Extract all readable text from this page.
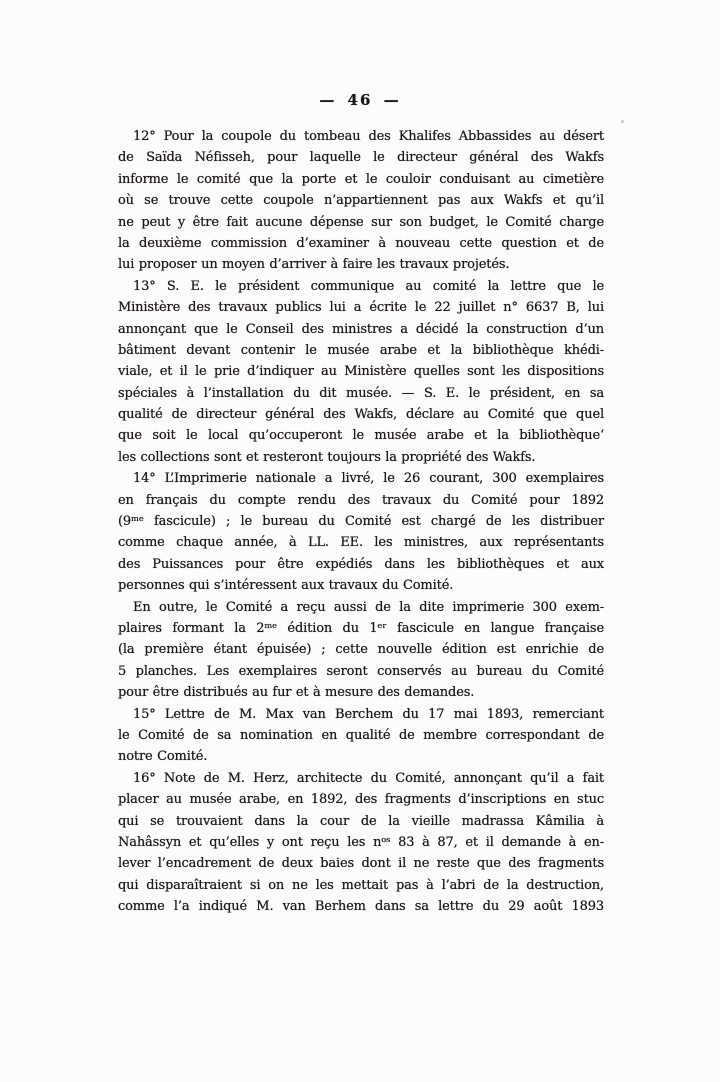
— 46 —
12° Pour la coupole du tombeau des Khalifes Abbassides au désert
de Saïda Néfisseh, pour laquelle le directeur général des Wakfs
informe le comité que la porte et le couloir conduisant au cimetière
où se trouve cette coupole n’appartiennent pas aux Wakfs et qu’il
ne peut y être fait aucune dépense sur son budget, le Comité charge
la deuxième commission d’examiner à nouveau cette question et de
lui proposer un moyen d’arriver à faire les travaux projetés.
13° S. E. le président communique au comité la lettre que le
Ministère des travaux publics lui a écrite le 22 juillet n° 6637 B, lui
annonçant que le Conseil des ministres a décidé la construction d’un
bâtiment devant contenir le musée arabe et la bibliothèque khédi-
viale, et il le prie d’indiquer au Ministère quelles sont les dispositions
spéciales à l’installation du dit musée. — S. E. le président, en sa
qualité de directeur général des Wakfs, déclare au Comité que quel
que soit le local qu’occuperont le musée arabe et la bibliothèque‘
les collections sont et resteront toujours la propriété des Wakfs.
14° L’Imprimerie nationale a livré, le 26 courant, 300 exemplaires
en français du compte rendu des travaux du Comité pour 1892
(9ᵐᵉ fascicule) ; le bureau du Comité est chargé de les distribuer
comme chaque année, à LL. EE. les ministres, aux représentants
des Puissances pour être expédiés dans les bibliothèques et aux
personnes qui s’intéressent aux travaux du Comité.
En outre, le Comité a reçu aussi de la dite imprimerie 300 exem-
plaires formant la 2ᵐᵉ édition du 1ᵉʳ fascicule en langue française
(la première étant épuisée) ; cette nouvelle édition est enrichie de
5 planches. Les exemplaires seront conservés au bureau du Comité
pour être distribués au fur et à mesure des demandes.
15° Lettre de M. Max van Berchem du 17 mai 1893, remerciant
le Comité de sa nomination en qualité de membre correspondant de
notre Comité.
16° Note de M. Herz, architecte du Comité, annonçant qu’il a fait
placer au musée arabe, en 1892, des fragments d’inscriptions en stuc
qui se trouvaient dans la cour de la vieille madrassa Kâmilia à
Nahâssyn et qu’elles y ont reçu les nᵒˢ 83 à 87, et il demande à en-
lever l’encadrement de deux baies dont il ne reste que des fragments
qui disparaîtraient si on ne les mettait pas à l’abri de la destruction,
comme l’a indiqué M. van Berhem dans sa lettre du 29 août 1893
